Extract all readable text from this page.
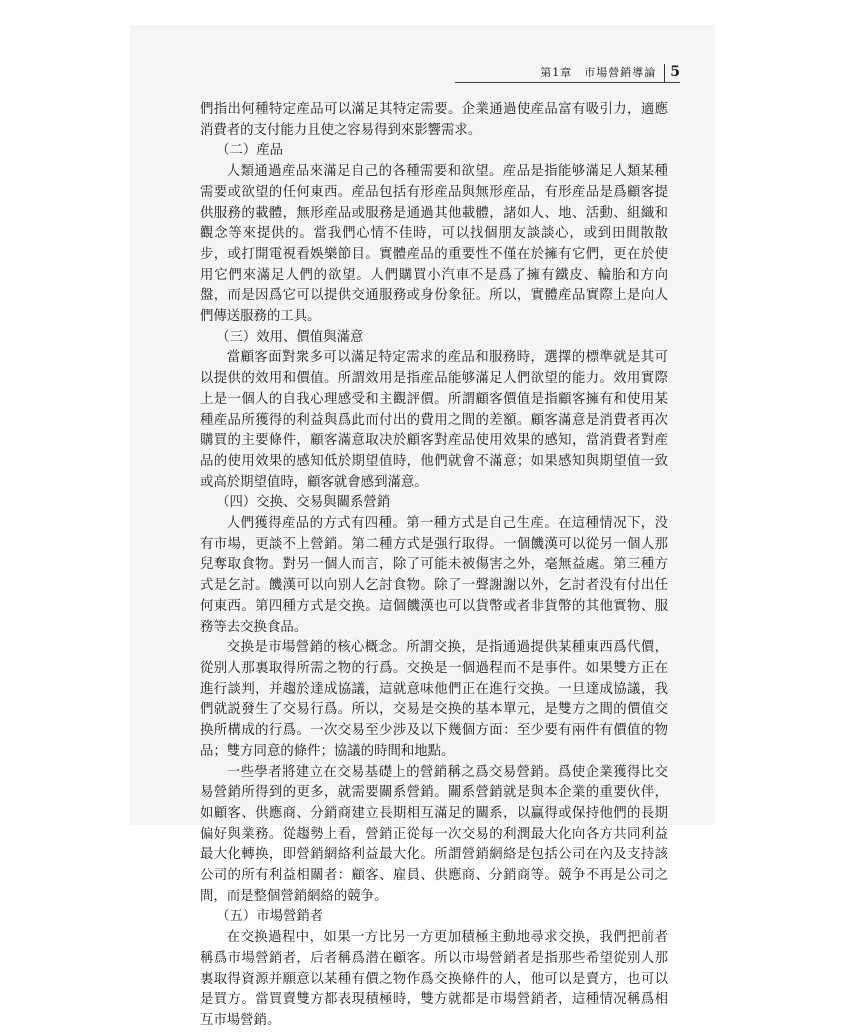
第1章　市場營銷導論 5

們指出何種特定産品可以滿足其特定需要。企業通過使産品富有吸引力，適應消費者的支付能力且使之容易得到來影響需求。

（二）産品

人類通過産品來滿足自己的各種需要和欲望。産品是指能够滿足人類某種需要或欲望的任何東西。産品包括有形産品與無形産品，有形産品是爲顧客提供服務的載體，無形産品或服務是通過其他載體，諸如人、地、活動、組織和觀念等來提供的。當我們心情不佳時，可以找個朋友談談心，或到田間散散步，或打開電視看娛樂節目。實體産品的重要性不僅在於擁有它們，更在於使用它們來滿足人們的欲望。人們購買小汽車不是爲了擁有鐵皮、輪胎和方向盤，而是因爲它可以提供交通服務或身份象征。所以，實體産品實際上是向人們傳送服務的工具。

（三）效用、價值與滿意

當顧客面對衆多可以滿足特定需求的産品和服務時，選擇的標準就是其可以提供的效用和價值。所謂效用是指産品能够滿足人們欲望的能力。效用實際上是一個人的自我心理感受和主觀評價。所謂顧客價值是指顧客擁有和使用某種産品所獲得的利益與爲此而付出的費用之間的差額。顧客滿意是消費者再次購買的主要條件，顧客滿意取决於顧客對産品使用效果的感知，當消費者對産品的使用效果的感知低於期望值時，他們就會不滿意；如果感知與期望值一致或高於期望值時，顧客就會感到滿意。

（四）交换、交易與關系營銷

人們獲得産品的方式有四種。第一種方式是自己生産。在這種情况下，没有市場，更談不上營銷。第二種方式是强行取得。一個饑漢可以從另一個人那兒奪取食物。對另一個人而言，除了可能未被傷害之外，毫無益處。第三種方式是乞討。饑漢可以向别人乞討食物。除了一聲謝謝以外，乞討者没有付出任何東西。第四種方式是交换。這個饑漢也可以貨幣或者非貨幣的其他實物、服務等去交换食品。

交换是市場營銷的核心概念。所謂交换，是指通過提供某種東西爲代價，從别人那裏取得所需之物的行爲。交换是一個過程而不是事件。如果雙方正在進行談判，并趨於達成協議，這就意味他們正在進行交换。一旦達成協議，我們就説發生了交易行爲。所以，交易是交换的基本單元，是雙方之間的價值交换所構成的行爲。一次交易至少涉及以下幾個方面：至少要有兩件有價值的物品；雙方同意的條件；協議的時間和地點。

一些學者將建立在交易基礎上的營銷稱之爲交易營銷。爲使企業獲得比交易營銷所得到的更多，就需要關系營銷。關系營銷就是與本企業的重要伙伴，如顧客、供應商、分銷商建立長期相互滿足的關系，以贏得或保持他們的長期偏好與業務。從趨勢上看，營銷正從每一次交易的利潤最大化向各方共同利益最大化轉换，即營銷網絡利益最大化。所謂營銷網絡是包括公司在內及支持該公司的所有利益相關者：顧客、雇員、供應商、分銷商等。競争不再是公司之間，而是整個營銷網絡的競争。

（五）市場營銷者

在交换過程中，如果一方比另一方更加積極主動地尋求交换，我們把前者稱爲市場營銷者，后者稱爲潜在顧客。所以市場營銷者是指那些希望從别人那裏取得資源并願意以某種有價之物作爲交换條件的人，他可以是賣方，也可以是買方。當買賣雙方都表現積極時，雙方就都是市場營銷者，這種情况稱爲相互市場營銷。
